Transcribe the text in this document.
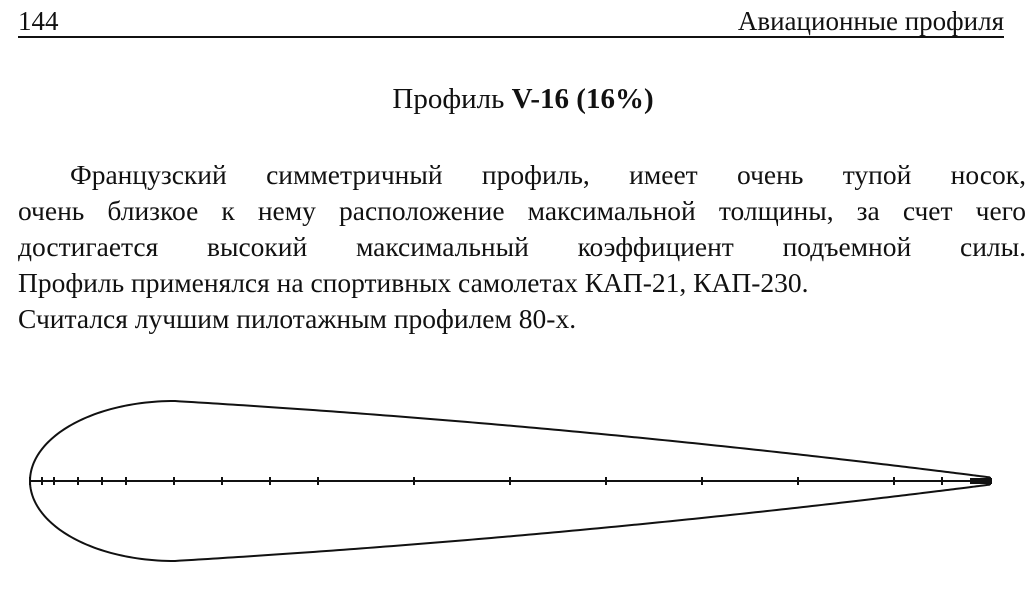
144	Авиационные профиля
Профиль V-16 (16%)
Французский симметричный профиль, имеет очень тупой носок,
очень близкое к нему расположение максимальной толщины, за счет чего
достигается высокий максимальный коэффициент подъемной силы.
Профиль применялся на спортивных самолетах КАП-21, КАП-230.
Считался лучшим пилотажным профилем 80-х.
